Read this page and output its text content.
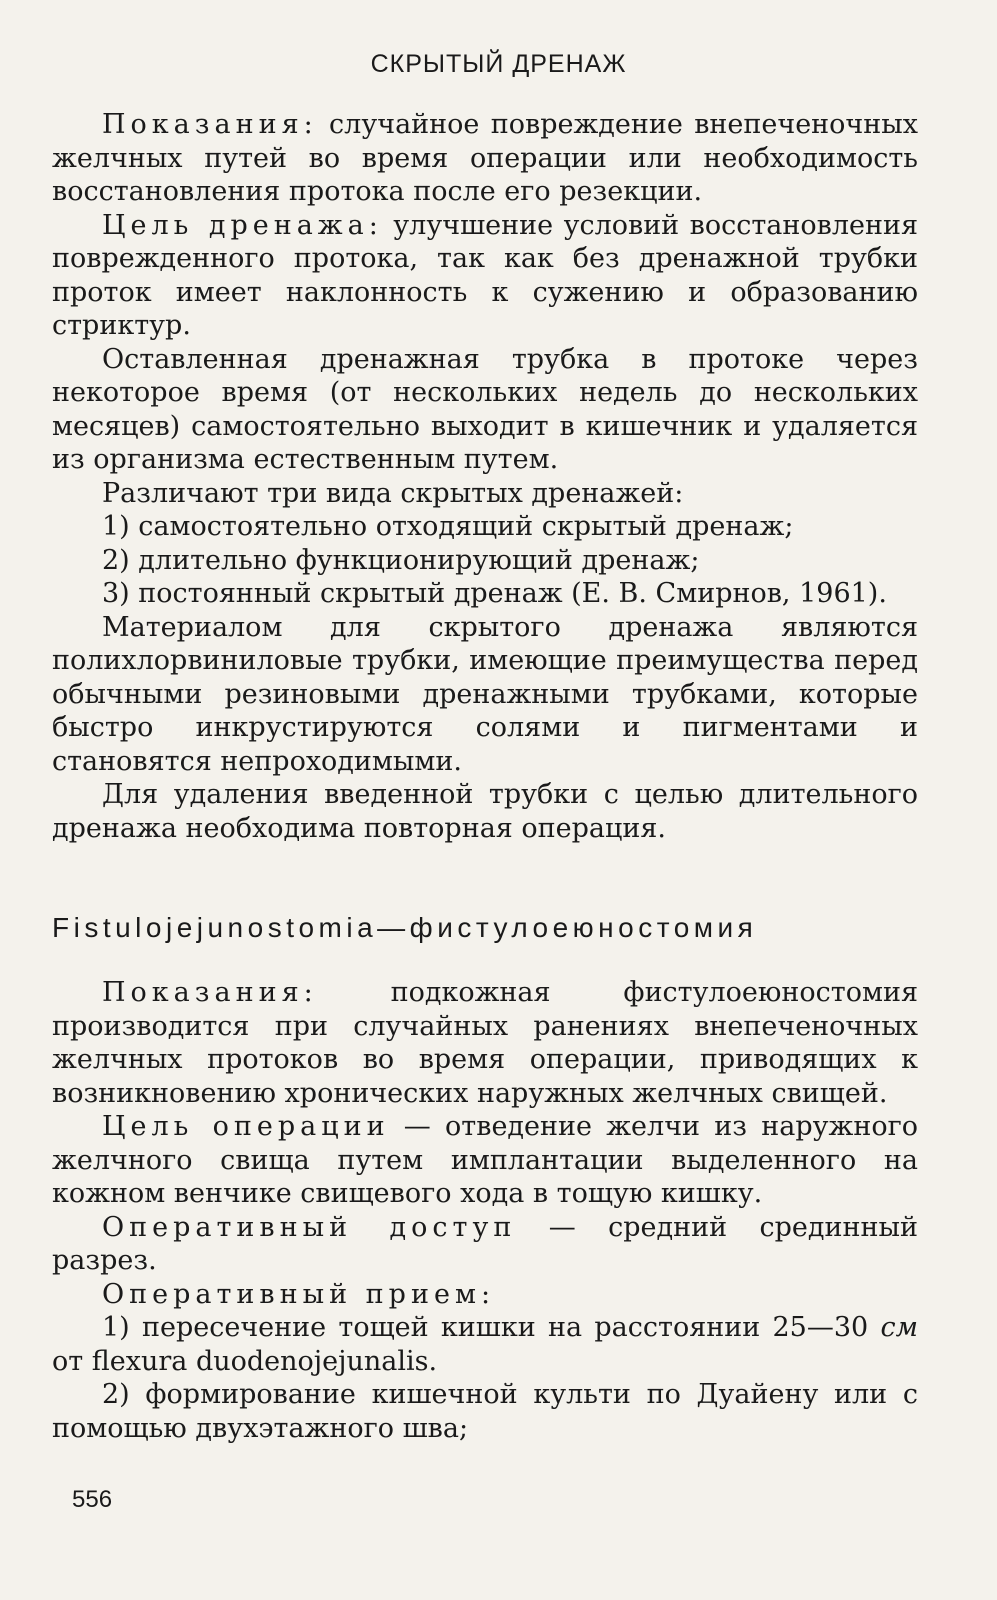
СКРЫТЫЙ ДРЕНАЖ

Показания: случайное повреждение внепеченочных желчных путей во время операции или необходимость восстановления протока после его резекции.

Цель дренажа: улучшение условий восстановления поврежденного протока, так как без дренажной трубки проток имеет наклонность к сужению и образованию стриктур.

Оставленная дренажная трубка в протоке через некоторое время (от нескольких недель до нескольких месяцев) самостоятельно выходит в кишечник и удаляется из организма естественным путем.

Различают три вида скрытых дренажей:

1) самостоятельно отходящий скрытый дренаж;

2) длительно функционирующий дренаж;

3) постоянный скрытый дренаж (Е. В. Смирнов, 1961).

Материалом для скрытого дренажа являются полихлорвиниловые трубки, имеющие преимущества перед обычными резиновыми дренажными трубками, которые быстро инкрустируются солями и пигментами и становятся непроходимыми.

Для удаления введенной трубки с целью длительного дренажа необходима повторная операция.

Fistulojejunostomia—фистулоеюностомия

Показания: подкожная фистулоеюностомия производится при случайных ранениях внепеченочных желчных протоков во время операции, приводящих к возникновению хронических наружных желчных свищей.

Цель операции — отведение желчи из наружного желчного свища путем имплантации выделенного на кожном венчике свищевого хода в тощую кишку.

Оперативный доступ — средний срединный разрез.

Оперативный прием:

1) пересечение тощей кишки на расстоянии 25—30 см от flexura duodenojejunalis.

2) формирование кишечной культи по Дуайену или с помощью двухэтажного шва;

556
